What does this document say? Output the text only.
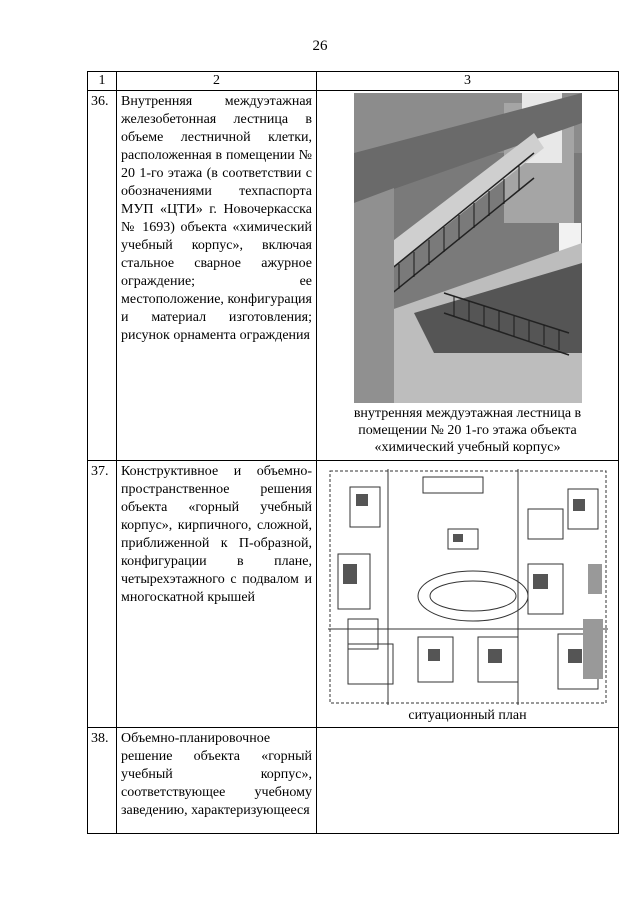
26
1	2	3
36.	Внутренняя междуэтажная железобетонная лестница в объеме лестничной клетки, расположенная в помещении № 20 1-го этажа (в соответствии с обозначениями техпаспорта МУП «ЦТИ» г. Новочеркасска № 1693) объекта «химический учебный корпус», включая стальное сварное ажурное ограждение; ее местоположение, конфигурация и материал изготовления; рисунок орнамента ограждения	внутренняя междуэтажная лестница в помещении № 20 1-го этажа объекта «химический учебный корпус»

37.	Конструктивное и объемно-пространственное решения объекта «горный учебный корпус», кирпичного, сложной, приближенной к П-образной, конфигурации в плане, четырехэтажного с подвалом и многоскатной крышей	ситуационный план

38.	Объемно-планировочное решение объекта «горный учебный корпус», соответствующее учебному заведению, характеризующееся	
